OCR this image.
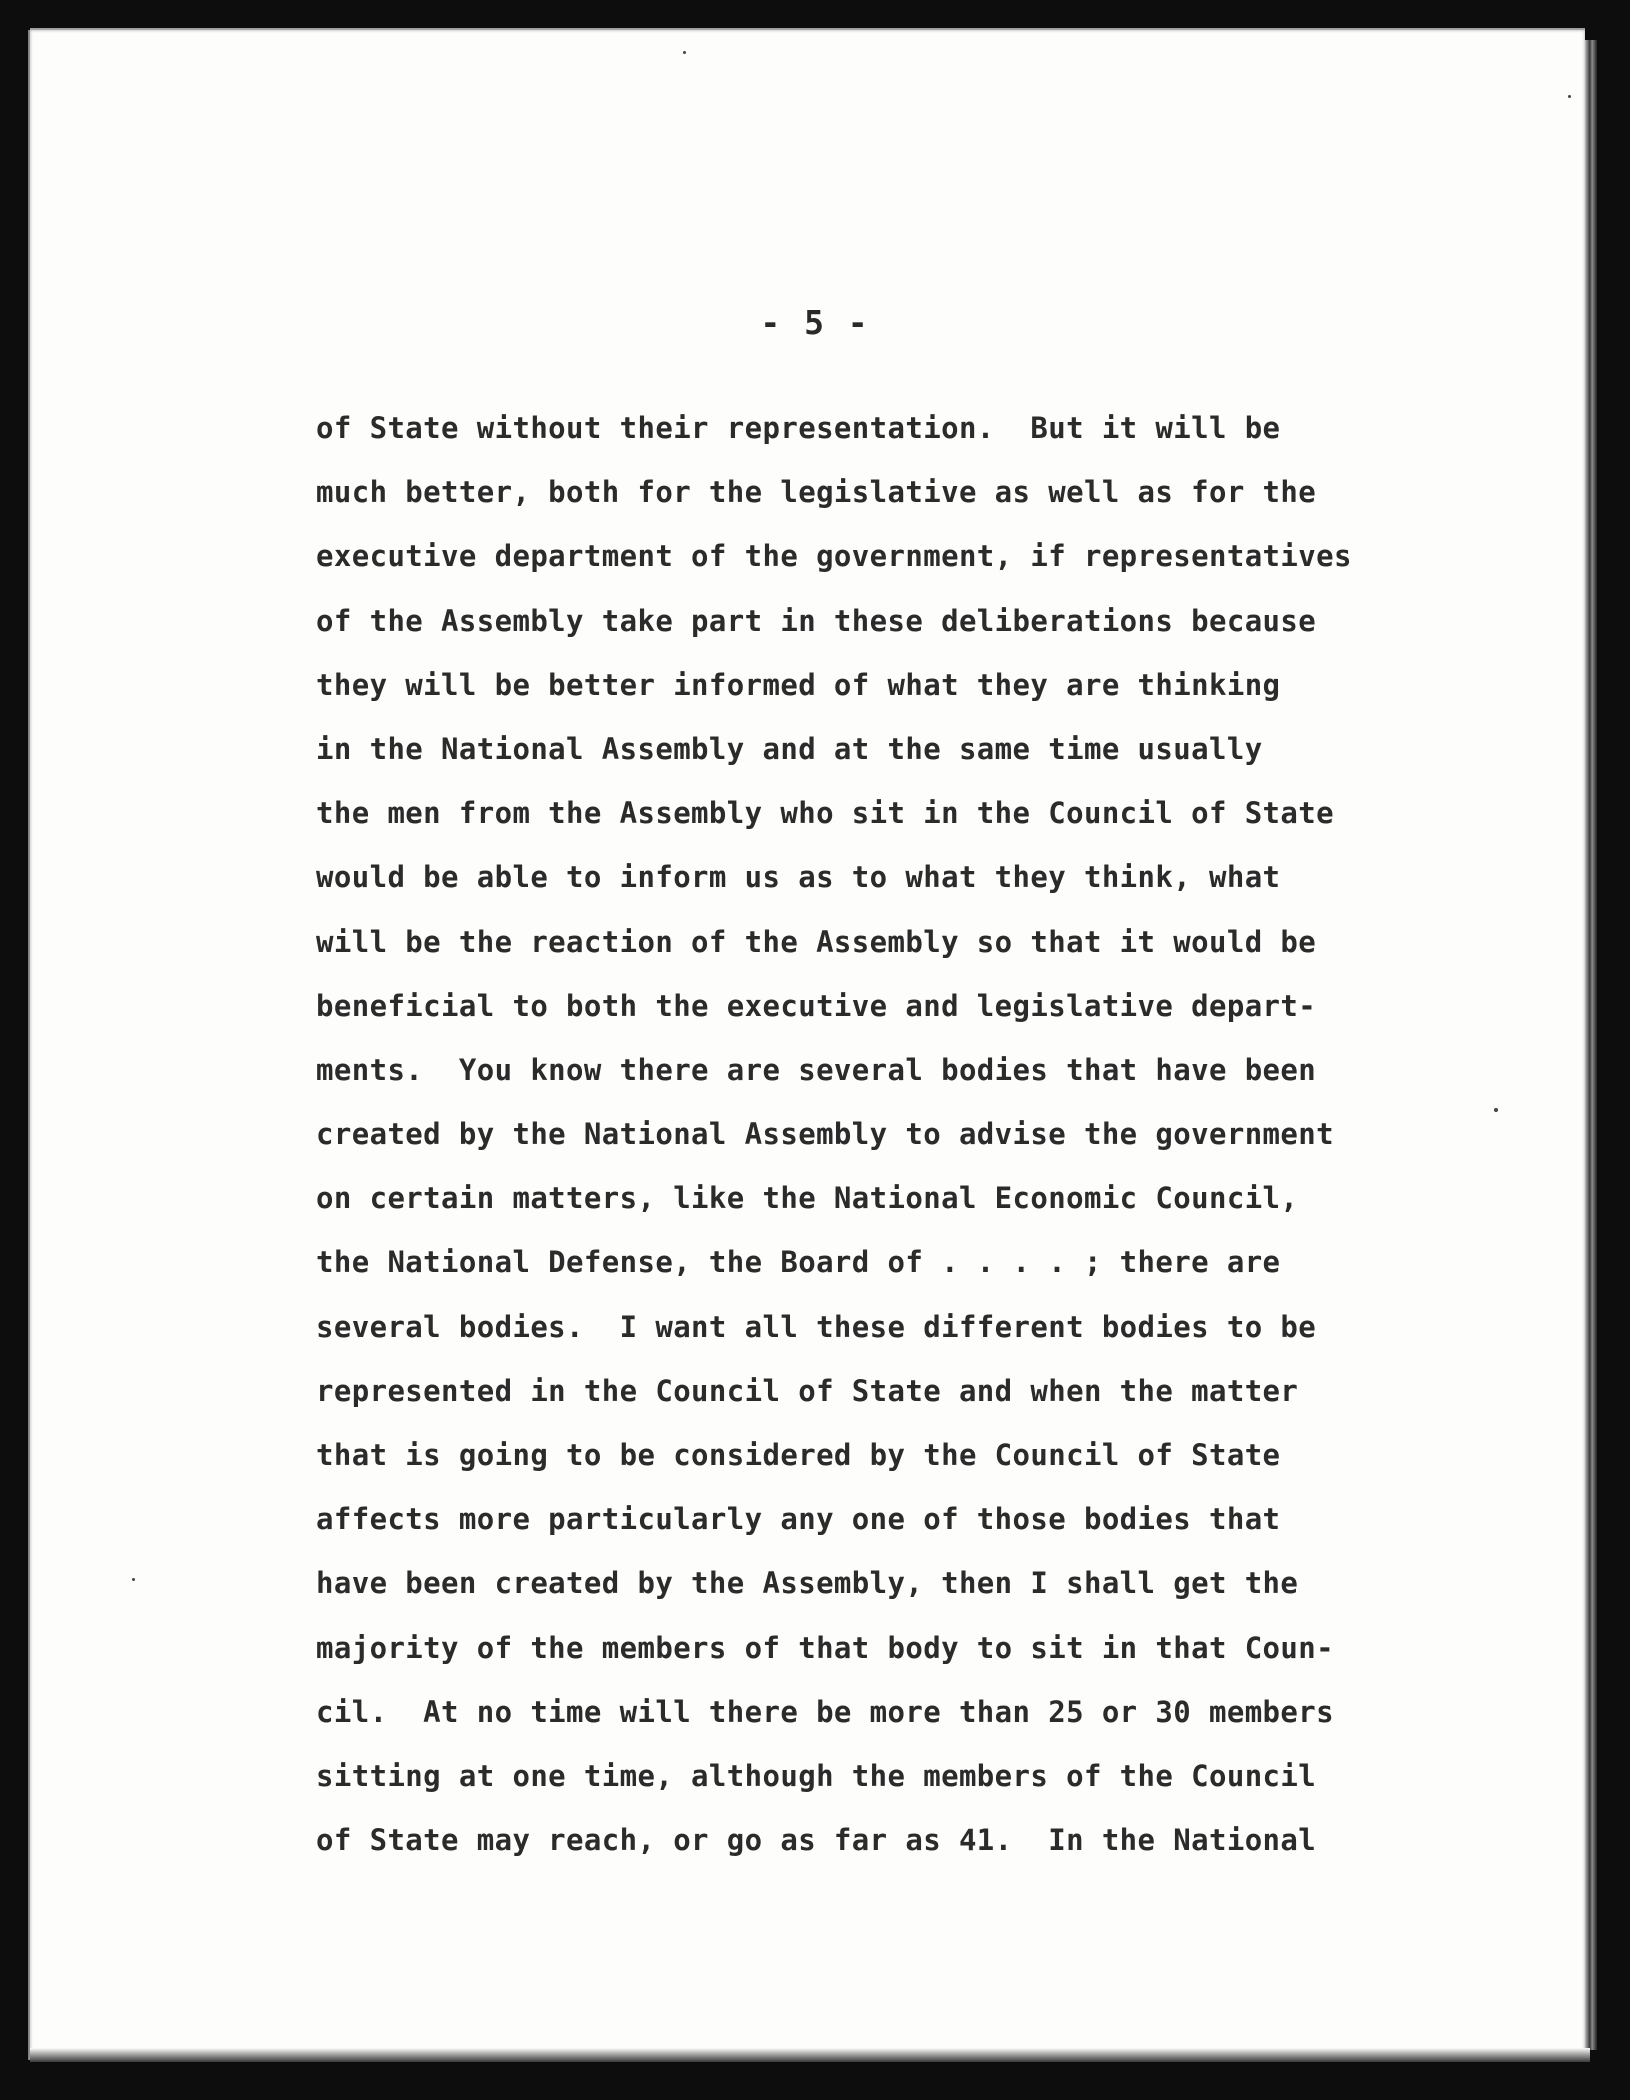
- 5 -
of State without their representation.  But it will be
much better, both for the legislative as well as for the
executive department of the government, if representatives
of the Assembly take part in these deliberations because
they will be better informed of what they are thinking
in the National Assembly and at the same time usually
the men from the Assembly who sit in the Council of State
would be able to inform us as to what they think, what
will be the reaction of the Assembly so that it would be
beneficial to both the executive and legislative depart-
ments.  You know there are several bodies that have been
created by the National Assembly to advise the government
on certain matters, like the National Economic Council,
the National Defense, the Board of . . . . ; there are
several bodies.  I want all these different bodies to be
represented in the Council of State and when the matter
that is going to be considered by the Council of State
affects more particularly any one of those bodies that
have been created by the Assembly, then I shall get the
majority of the members of that body to sit in that Coun-
cil.  At no time will there be more than 25 or 30 members
sitting at one time, although the members of the Council
of State may reach, or go as far as 41.  In the National
